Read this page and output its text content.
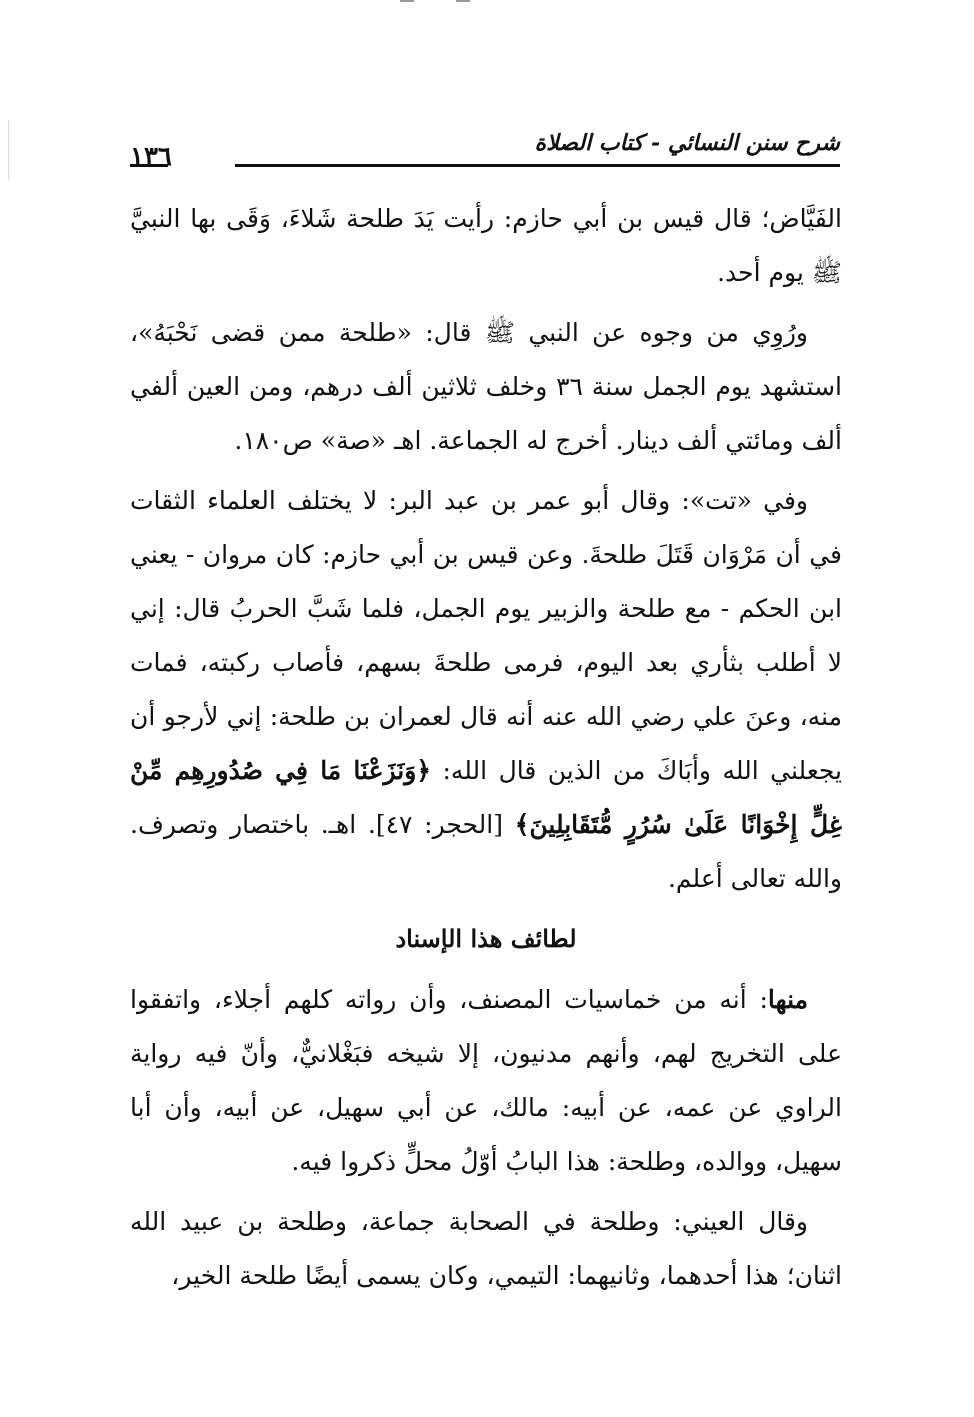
شرح سنن النسائي - كتاب الصلاة
١٣٦

الفَيَّاض؛ قال قيس بن أبي حازم: رأيت يَدَ طلحة شَلاءَ، وَقَى بها النبيَّ ﷺ يوم أحد.

ورُوِي من وجوه عن النبي ﷺ قال: «طلحة ممن قضى نَحْبَهُ»، استشهد يوم الجمل سنة ٣٦ وخلف ثلاثين ألف درهم، ومن العين ألفي ألف ومائتي ألف دينار. أخرج له الجماعة. اهـ «صة» ص١٨٠.

وفي «تت»: وقال أبو عمر بن عبد البر: لا يختلف العلماء الثقات في أن مَرْوَان قَتَلَ طلحةَ. وعن قيس بن أبي حازم: كان مروان - يعني ابن الحكم - مع طلحة والزبير يوم الجمل، فلما شَبَّ الحربُ قال: إني لا أطلب بثأري بعد اليوم، فرمى طلحةَ بسهم، فأصاب ركبته، فمات منه، وعنَ علي رضي الله عنه أنه قال لعمران بن طلحة: إني لأرجو أن يجعلني الله وأبَاكَ من الذين قال الله: ﴿وَنَزَعْنَا مَا فِي صُدُورِهِم مِّنْ غِلٍّ إِخْوَانًا عَلَىٰ سُرُرٍ مُّتَقَابِلِينَ﴾ [الحجر: ٤٧]. اهـ. باختصار وتصرف. والله تعالى أعلم.

لطائف هذا الإسناد

منها: أنه من خماسيات المصنف، وأن رواته كلهم أجلاء، واتفقوا على التخريج لهم، وأنهم مدنيون، إلا شيخه فبَغْلانيٌّ، وأنّ فيه رواية الراوي عن عمه، عن أبيه: مالك، عن أبي سهيل، عن أبيه، وأن أبا سهيل، ووالده، وطلحة: هذا البابُ أوّلُ محلٍّ ذكروا فيه.

وقال العيني: وطلحة في الصحابة جماعة، وطلحة بن عبيد الله اثنان؛ هذا أحدهما، وثانيهما: التيمي، وكان يسمى أيضًا طلحة الخير،
